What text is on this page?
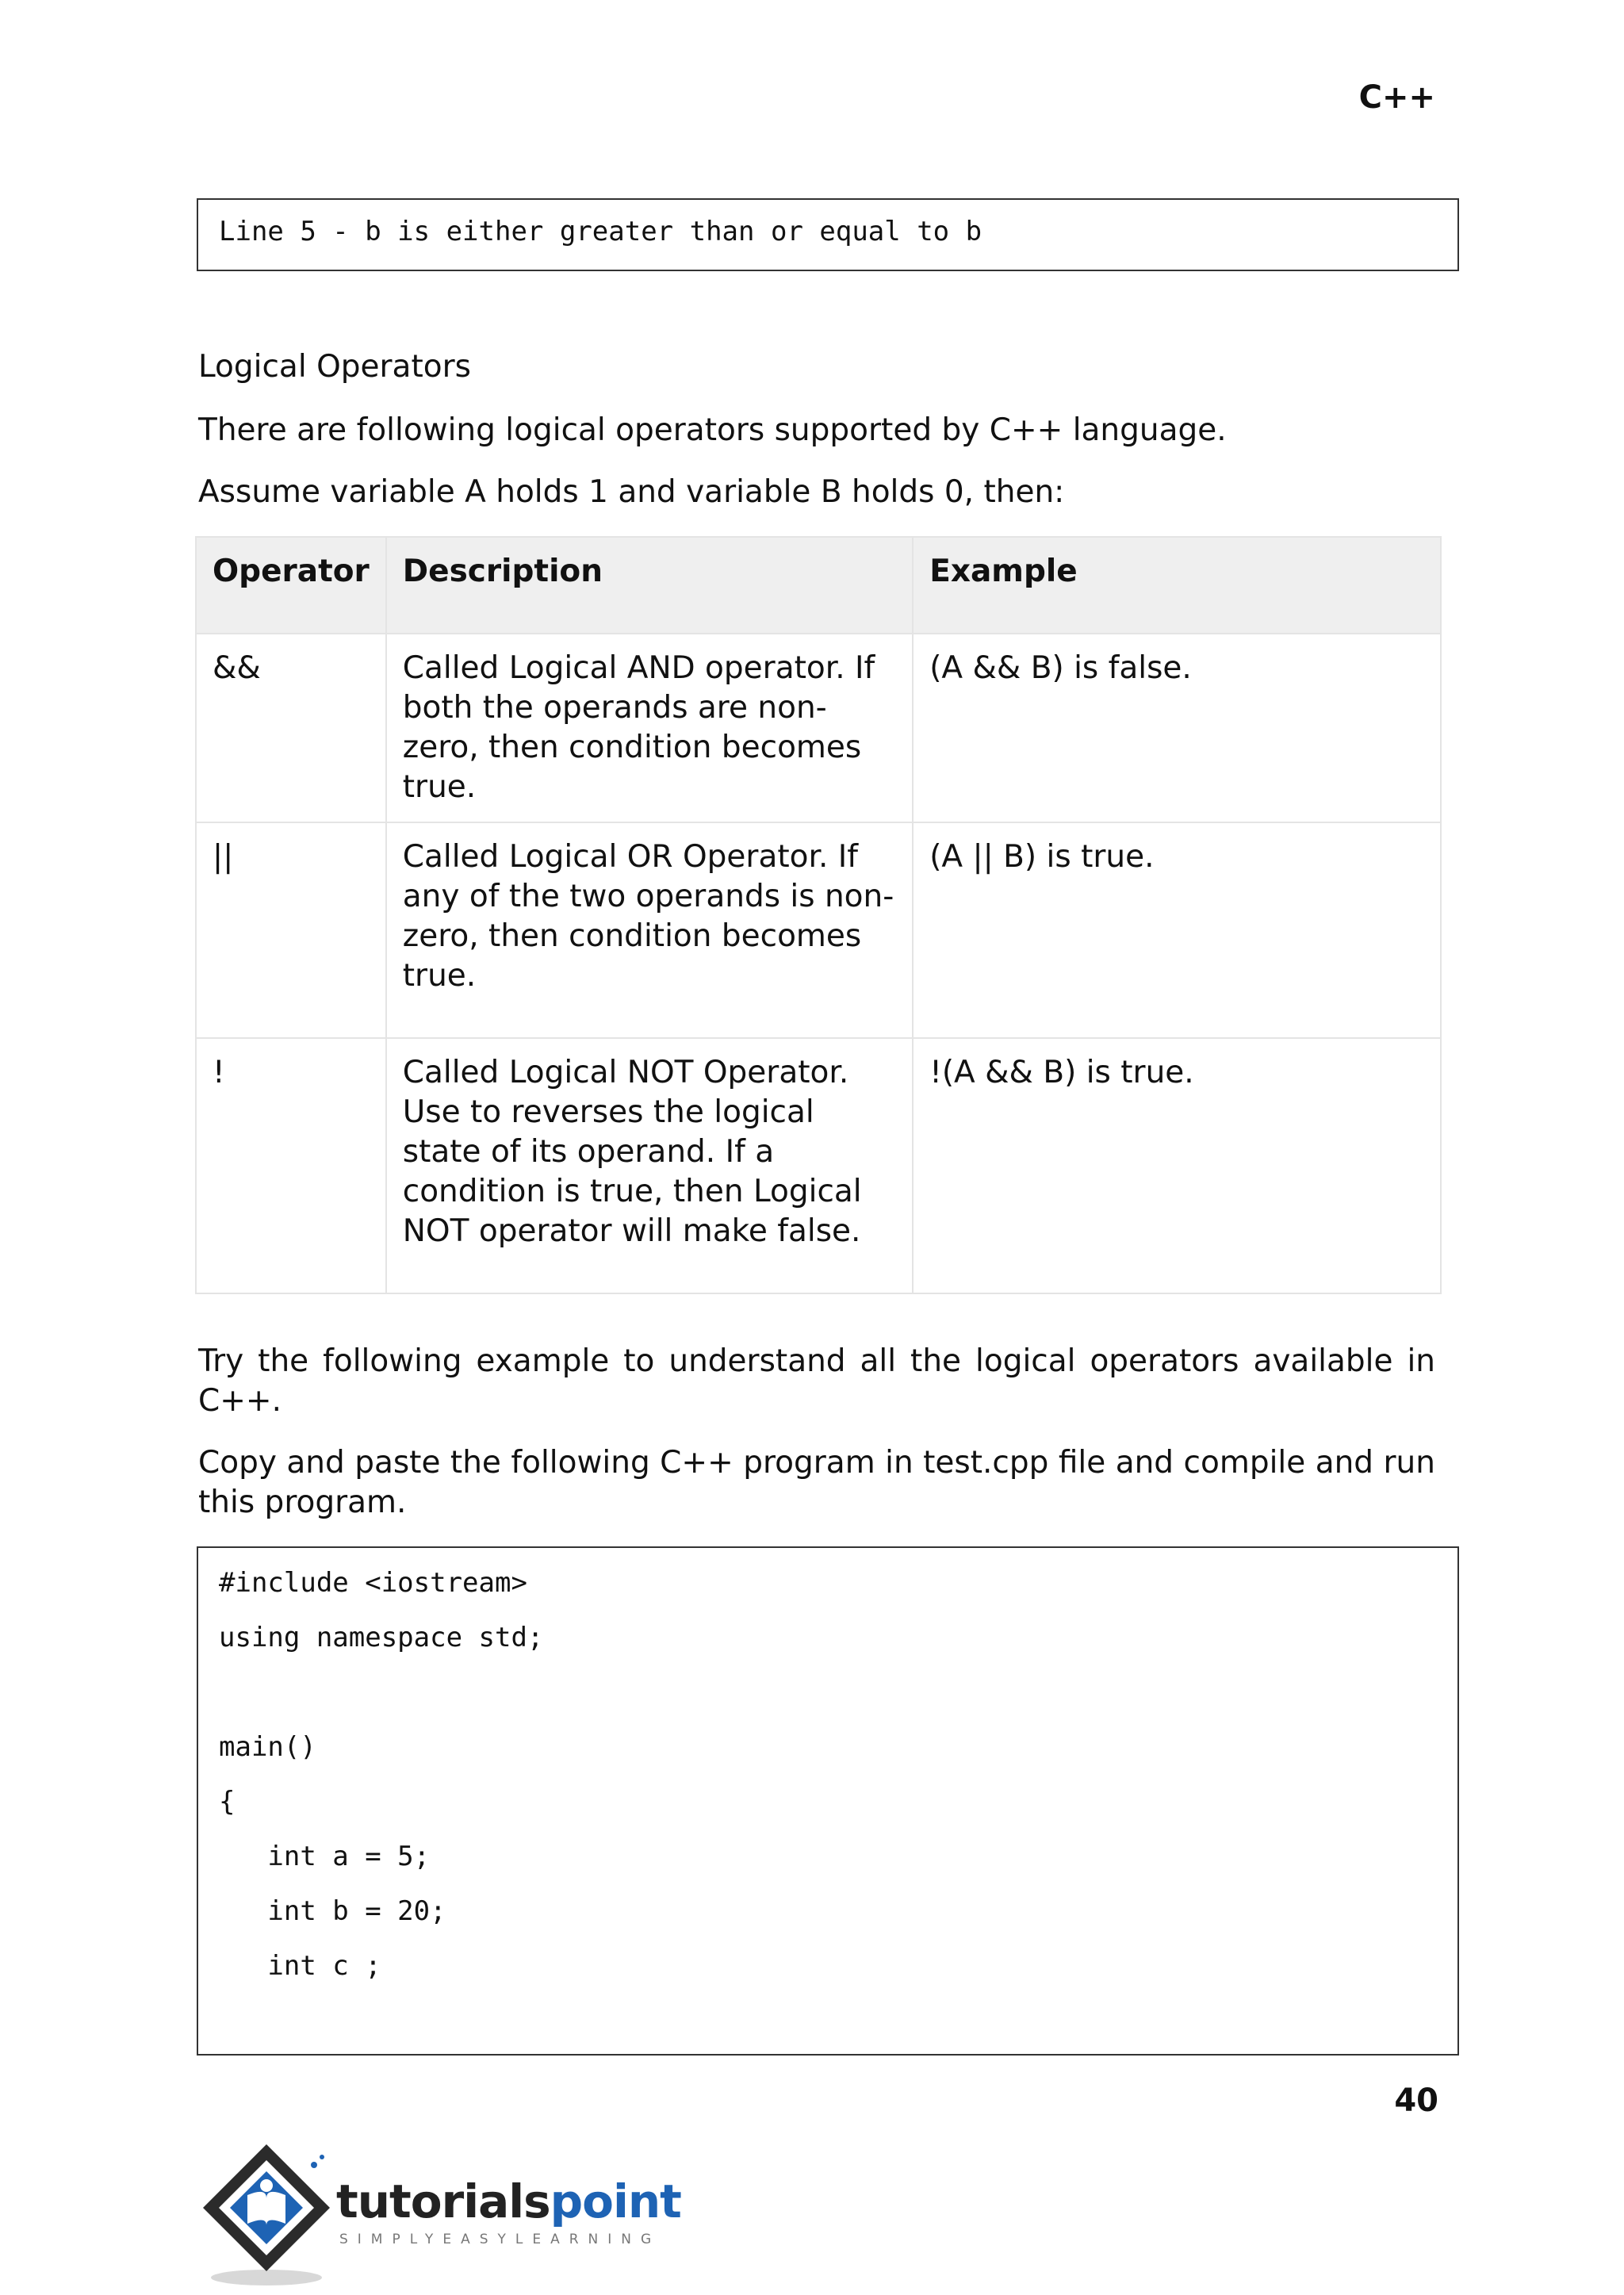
C++
Line 5 - b is either greater than or equal to b
Logical Operators
There are following logical operators supported by C++ language.
Assume variable A holds 1 and variable B holds 0, then:
Operator	Description	Example
&&	Called Logical AND operator. If both the operands are non-zero, then condition becomes true.	(A && B) is false.
||	Called Logical OR Operator. If any of the two operands is non-zero, then condition becomes true.	(A || B) is true.
!	Called Logical NOT Operator. Use to reverses the logical state of its operand. If a condition is true, then Logical NOT operator will make false.	!(A && B) is true.
Try the following example to understand all the logical operators available in C++.
Copy and paste the following C++ program in test.cpp file and compile and run this program.
#include <iostream>
using namespace std;
main()
{
int a = 5;
int b = 20;
int c ;
40
tutorialspoint
SIMPLYEASYLEARNING
